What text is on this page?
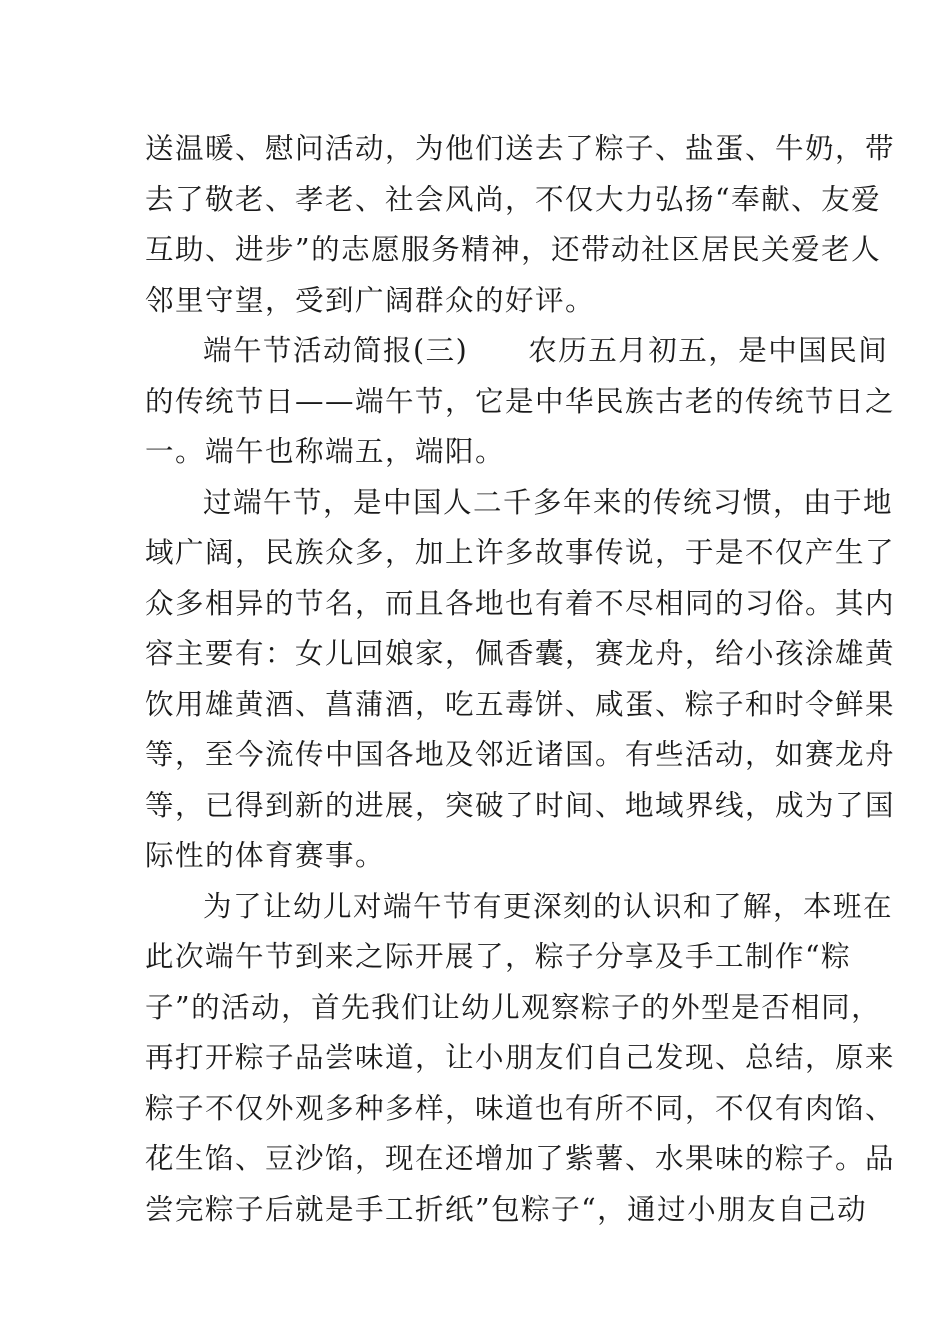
送温暖、慰问活动，为他们送去了粽子、盐蛋、牛奶，带
去了敬老、孝老、社会风尚，不仅大力弘扬“奉献、友爱
互助、进步”的志愿服务精神，还带动社区居民关爱老人
邻里守望，受到广阔群众的好评。
端午节活动简报(三)　　农历五月初五，是中国民间
的传统节日——端午节，它是中华民族古老的传统节日之
一。端午也称端五，端阳。
过端午节，是中国人二千多年来的传统习惯，由于地
域广阔，民族众多，加上许多故事传说，于是不仅产生了
众多相异的节名，而且各地也有着不尽相同的习俗。其内
容主要有：女儿回娘家，佩香囊，赛龙舟，给小孩涂雄黄
饮用雄黄酒、菖蒲酒，吃五毒饼、咸蛋、粽子和时令鲜果
等，至今流传中国各地及邻近诸国。有些活动，如赛龙舟
等，已得到新的进展，突破了时间、地域界线，成为了国
际性的体育赛事。
为了让幼儿对端午节有更深刻的认识和了解，本班在
此次端午节到来之际开展了，粽子分享及手工制作“粽
子”的活动，首先我们让幼儿观察粽子的外型是否相同，
再打开粽子品尝味道，让小朋友们自己发现、总结，原来
粽子不仅外观多种多样，味道也有所不同，不仅有肉馅、
花生馅、豆沙馅，现在还增加了紫薯、水果味的粽子。品
尝完粽子后就是手工折纸”包粽子“，通过小朋友自己动
